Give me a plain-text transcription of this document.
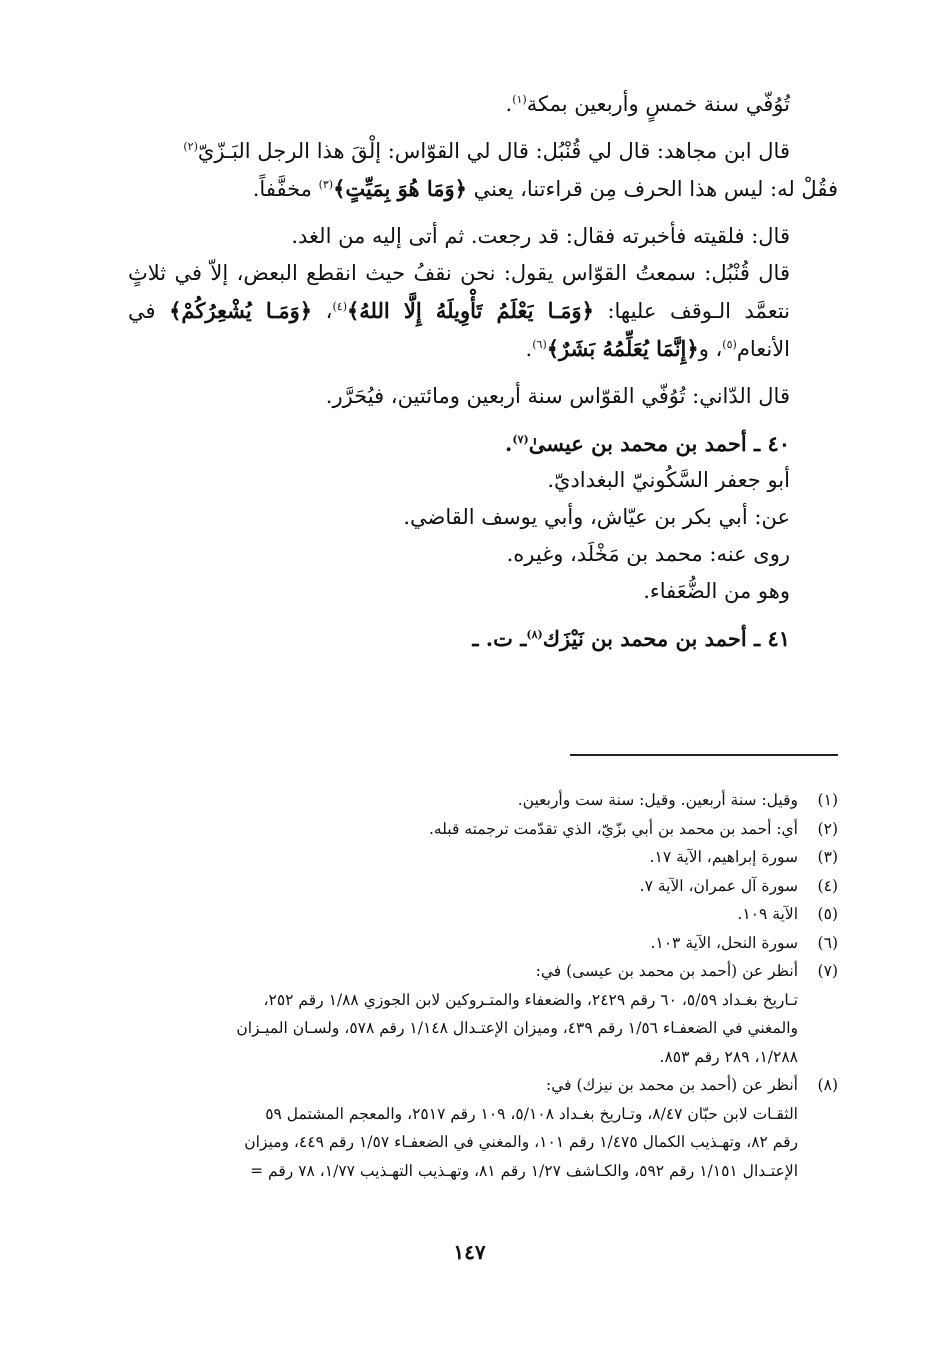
تُوُفّي سنة خمسٍ وأربعين بمكة$^{(١)}$.

قال ابن مجاهد: قال لي قُنْبُل: قال لي القوّاس: إلْقَ هذا الرجل البَـزّيّ$^{(٢)}$

فقُلْ له: ليس هذا الحرف مِن قراءتنا، يعني ﴿وَمَا هُوَ بِمَيِّتٍ﴾$^{(٣)}$ مخفَّفاً.

قال: فلقيته فأخبرته فقال: قد رجعت. ثم أتى إليه من الغد.

قال قُنْبُل: سمعتُ القوّاس يقول: نحن نقفُ حيث انقطع البعض، إلاّ في ثلاثٍ نتعمَّد الـوقف عليها: ﴿وَمَـا يَعْلَمُ تَأْوِيلَهُ إِلَّا اللهُ﴾$^{(٤)}$، ﴿وَمَـا يُشْعِرُكُمْ﴾ في الأنعام$^{(٥)}$، و﴿إِنَّمَا يُعَلِّمُهُ بَشَرٌ﴾$^{(٦)}$.

قال الدّاني: تُوُفّي القوّاس سنة أربعين ومائتين، فيُحَرَّر.

٤٠ ـ أحمد بن محمد بن عيسىٰ$^{(٧)}$.

أبو جعفر السَّكُونيّ البغداديّ.

عن: أبي بكر بن عيّاش، وأبي يوسف القاضي.

روى عنه: محمد بن مَخْلَد، وغيره.

وهو من الضُّعَفاء.

٤١ ـ أحمد بن محمد بن نَيْزَك$^{(٨)}$ـ ت. ـ

(١)
وقيل: سنة أربعين. وقيل: سنة ست وأربعين.
(٢)
أي: أحمد بن محمد بن أبي بزّيّ، الذي تقدّمت ترجمته قبله.
(٣)
سورة إبراهيم، الآية ١٧.
(٤)
سورة آل عمران، الآية ٧.
(٥)
الآية ١٠٩.
(٦)
سورة النحل، الآية ١٠٣.
(٧)
أنظر عن (أحمد بن محمد بن عيسى) في:
تـاريخ بغـداد ٥/٥٩، ٦٠ رقم ٢٤٢٩، والضعفاء والمتـروكين لابن الجوزي ١/٨٨ رقم ٢٥٢،
والمغني في الضعفـاء ١/٥٦ رقم ٤٣٩، وميزان الإعتـدال ١/١٤٨ رقم ٥٧٨، ولسـان الميـزان
١/٢٨٨، ٢٨٩ رقم ٨٥٣.
(٨)
أنظر عن (أحمد بن محمد بن نيزك) في:
الثقـات لابن حبّان ٨/٤٧، وتـاريخ بغـداد ٥/١٠٨، ١٠٩ رقم ٢٥١٧، والمعجم المشتمل ٥٩
رقم ٨٢، وتهـذيب الكمال ١/٤٧٥ رقم ١٠١، والمغني في الضعفـاء ١/٥٧ رقم ٤٤٩، وميزان
الإعتـدال ١/١٥١ رقم ٥٩٢، والكـاشف ١/٢٧ رقم ٨١، وتهـذيب التهـذيب ١/٧٧، ٧٨ رقم =
١٤٧
